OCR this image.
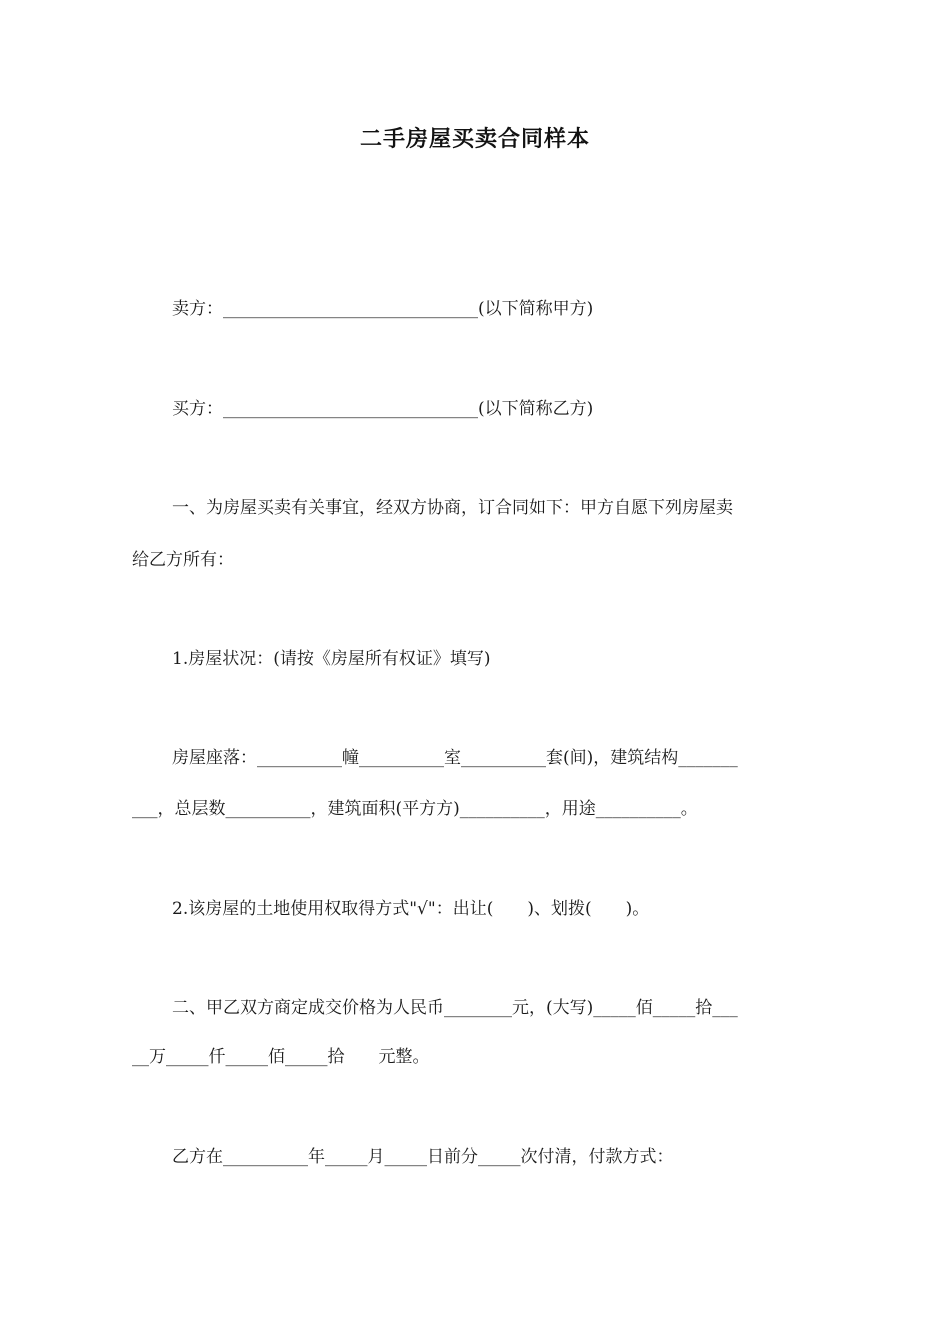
二手房屋买卖合同样本
卖方：______________________________(以下简称甲方)
买方：______________________________(以下简称乙方)
一、为房屋买卖有关事宜，经双方协商，订合同如下：甲方自愿下列房屋卖
给乙方所有：
1.房屋状况：(请按《房屋所有权证》填写)
房屋座落：__________幢__________室__________套(间)，建筑结构_______
___，总层数__________，建筑面积(平方方)__________，用途__________。
2.该房屋的土地使用权取得方式"√"：出让(　　)、划拨(　　)。
二、甲乙双方商定成交价格为人民币________元，(大写)_____佰_____拾___
__万_____仟_____佰_____拾　　元整。
乙方在__________年_____月_____日前分_____次付清，付款方式：
